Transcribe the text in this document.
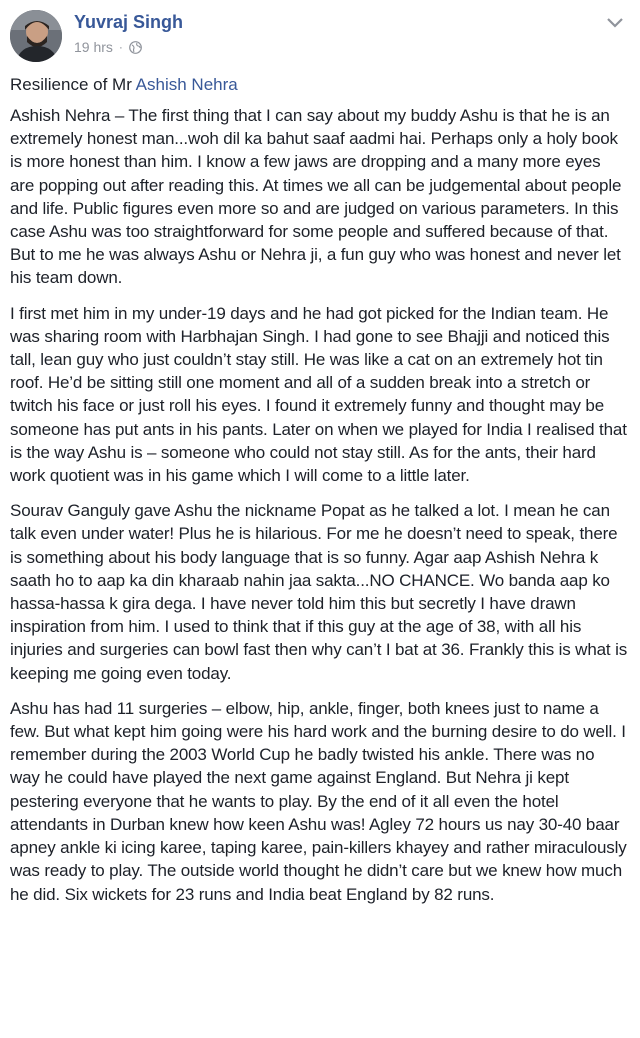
Yuvraj Singh
19 hrs ·
Resilience of Mr Ashish Nehra

Ashish Nehra – The first thing that I can say about my buddy Ashu is that he is an extremely honest man...woh dil ka bahut saaf aadmi hai. Perhaps only a holy book is more honest than him. I know a few jaws are dropping and a many more eyes are popping out after reading this. At times we all can be judgemental about people and life. Public figures even more so and are judged on various parameters. In this case Ashu was too straightforward for some people and suffered because of that. But to me he was always Ashu or Nehra ji, a fun guy who was honest and never let his team down.

I first met him in my under-19 days and he had got picked for the Indian team. He was sharing room with Harbhajan Singh. I had gone to see Bhajji and noticed this tall, lean guy who just couldn’t stay still. He was like a cat on an extremely hot tin roof. He’d be sitting still one moment and all of a sudden break into a stretch or twitch his face or just roll his eyes. I found it extremely funny and thought may be someone has put ants in his pants. Later on when we played for India I realised that is the way Ashu is – someone who could not stay still. As for the ants, their hard work quotient was in his game which I will come to a little later.

Sourav Ganguly gave Ashu the nickname Popat as he talked a lot. I mean he can talk even under water! Plus he is hilarious. For me he doesn’t need to speak, there is something about his body language that is so funny. Agar aap Ashish Nehra k saath ho to aap ka din kharaab nahin jaa sakta...NO CHANCE. Wo banda aap ko hassa-hassa k gira dega. I have never told him this but secretly I have drawn inspiration from him. I used to think that if this guy at the age of 38, with all his injuries and surgeries can bowl fast then why can’t I bat at 36. Frankly this is what is keeping me going even today.

Ashu has had 11 surgeries – elbow, hip, ankle, finger, both knees just to name a few. But what kept him going were his hard work and the burning desire to do well. I remember during the 2003 World Cup he badly twisted his ankle. There was no way he could have played the next game against England. But Nehra ji kept pestering everyone that he wants to play. By the end of it all even the hotel attendants in Durban knew how keen Ashu was! Agley 72 hours us nay 30-40 baar apney ankle ki icing karee, taping karee, pain-killers khayey and rather miraculously was ready to play. The outside world thought he didn’t care but we knew how much he did. Six wickets for 23 runs and India beat England by 82 runs.
